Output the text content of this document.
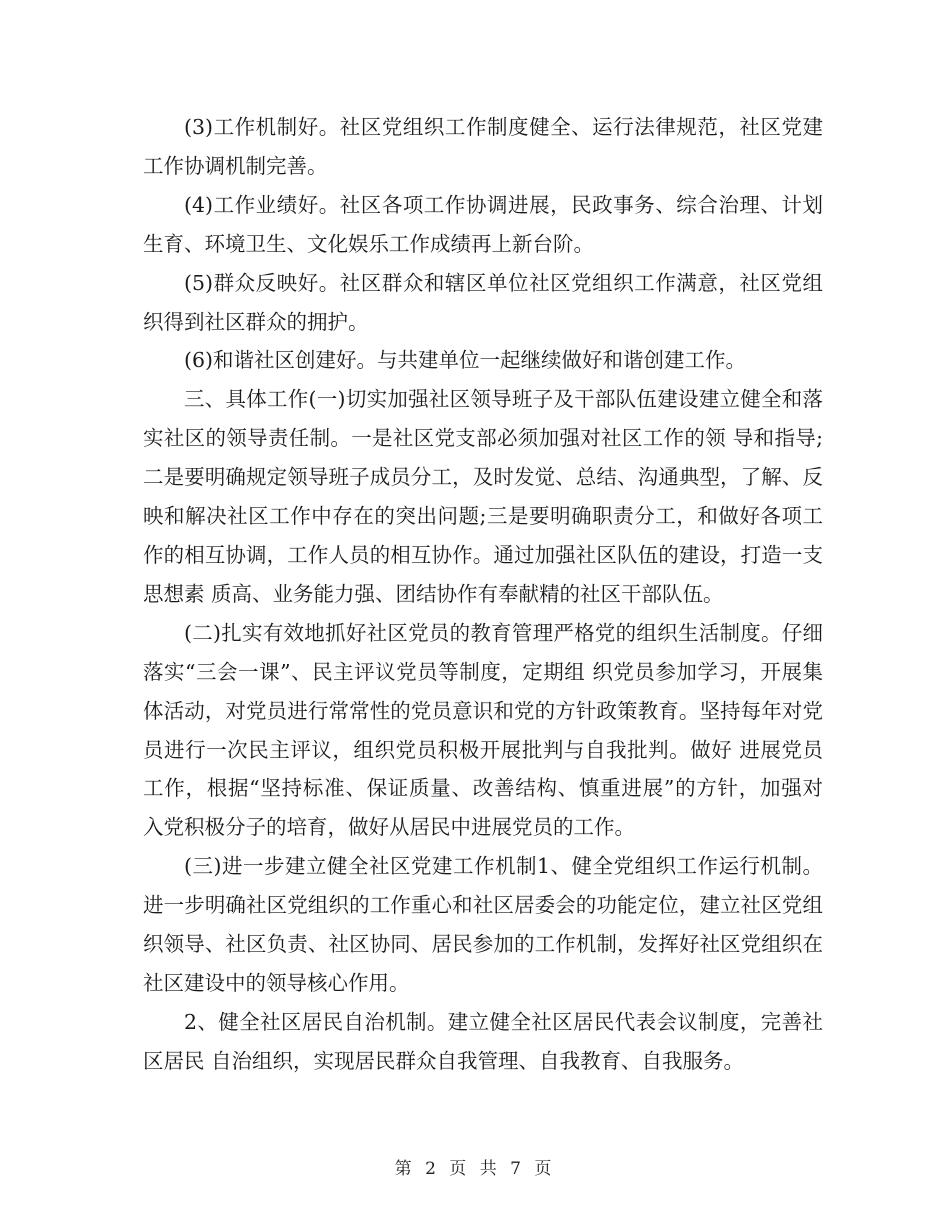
(3)工作机制好。社区党组织工作制度健全、运行法律规范，社区党建工作协调机制完善。

(4)工作业绩好。社区各项工作协调进展，民政事务、综合治理、计划生育、环境卫生、文化娱乐工作成绩再上新台阶。

(5)群众反映好。社区群众和辖区单位社区党组织工作满意，社区党组织得到社区群众的拥护。

(6)和谐社区创建好。与共建单位一起继续做好和谐创建工作。

三、具体工作(一)切实加强社区领导班子及干部队伍建设建立健全和落实社区的领导责任制。一是社区党支部必须加强对社区工作的领 导和指导;二是要明确规定领导班子成员分工，及时发觉、总结、沟通典型，了解、反映和解决社区工作中存在的突出问题;三是要明确职责分工，和做好各项工 作的相互协调，工作人员的相互协作。通过加强社区队伍的建设，打造一支思想素 质高、业务能力强、团结协作有奉献精的社区干部队伍。

(二)扎实有效地抓好社区党员的教育管理严格党的组织生活制度。仔细落实“三会一课”、民主评议党员等制度，定期组 织党员参加学习，开展集体活动，对党员进行常常性的党员意识和党的方针政策教育。坚持每年对党员进行一次民主评议，组织党员积极开展批判与自我批判。做好 进展党员工作，根据“坚持标准、保证质量、改善结构、慎重进展”的方针，加强对 入党积极分子的培育，做好从居民中进展党员的工作。

(三)进一步建立健全社区党建工作机制1、健全党组织工作运行机制。进一步明确社区党组织的工作重心和社区居委会的功能定位，建立社区党组织领导、社区负责、社区协同、居民参加的工作机制，发挥好社区党组织在社区建设中的领导核心作用。

2、健全社区居民自治机制。建立健全社区居民代表会议制度，完善社区居民 自治组织，实现居民群众自我管理、自我教育、自我服务。

第 2 页 共 7 页
